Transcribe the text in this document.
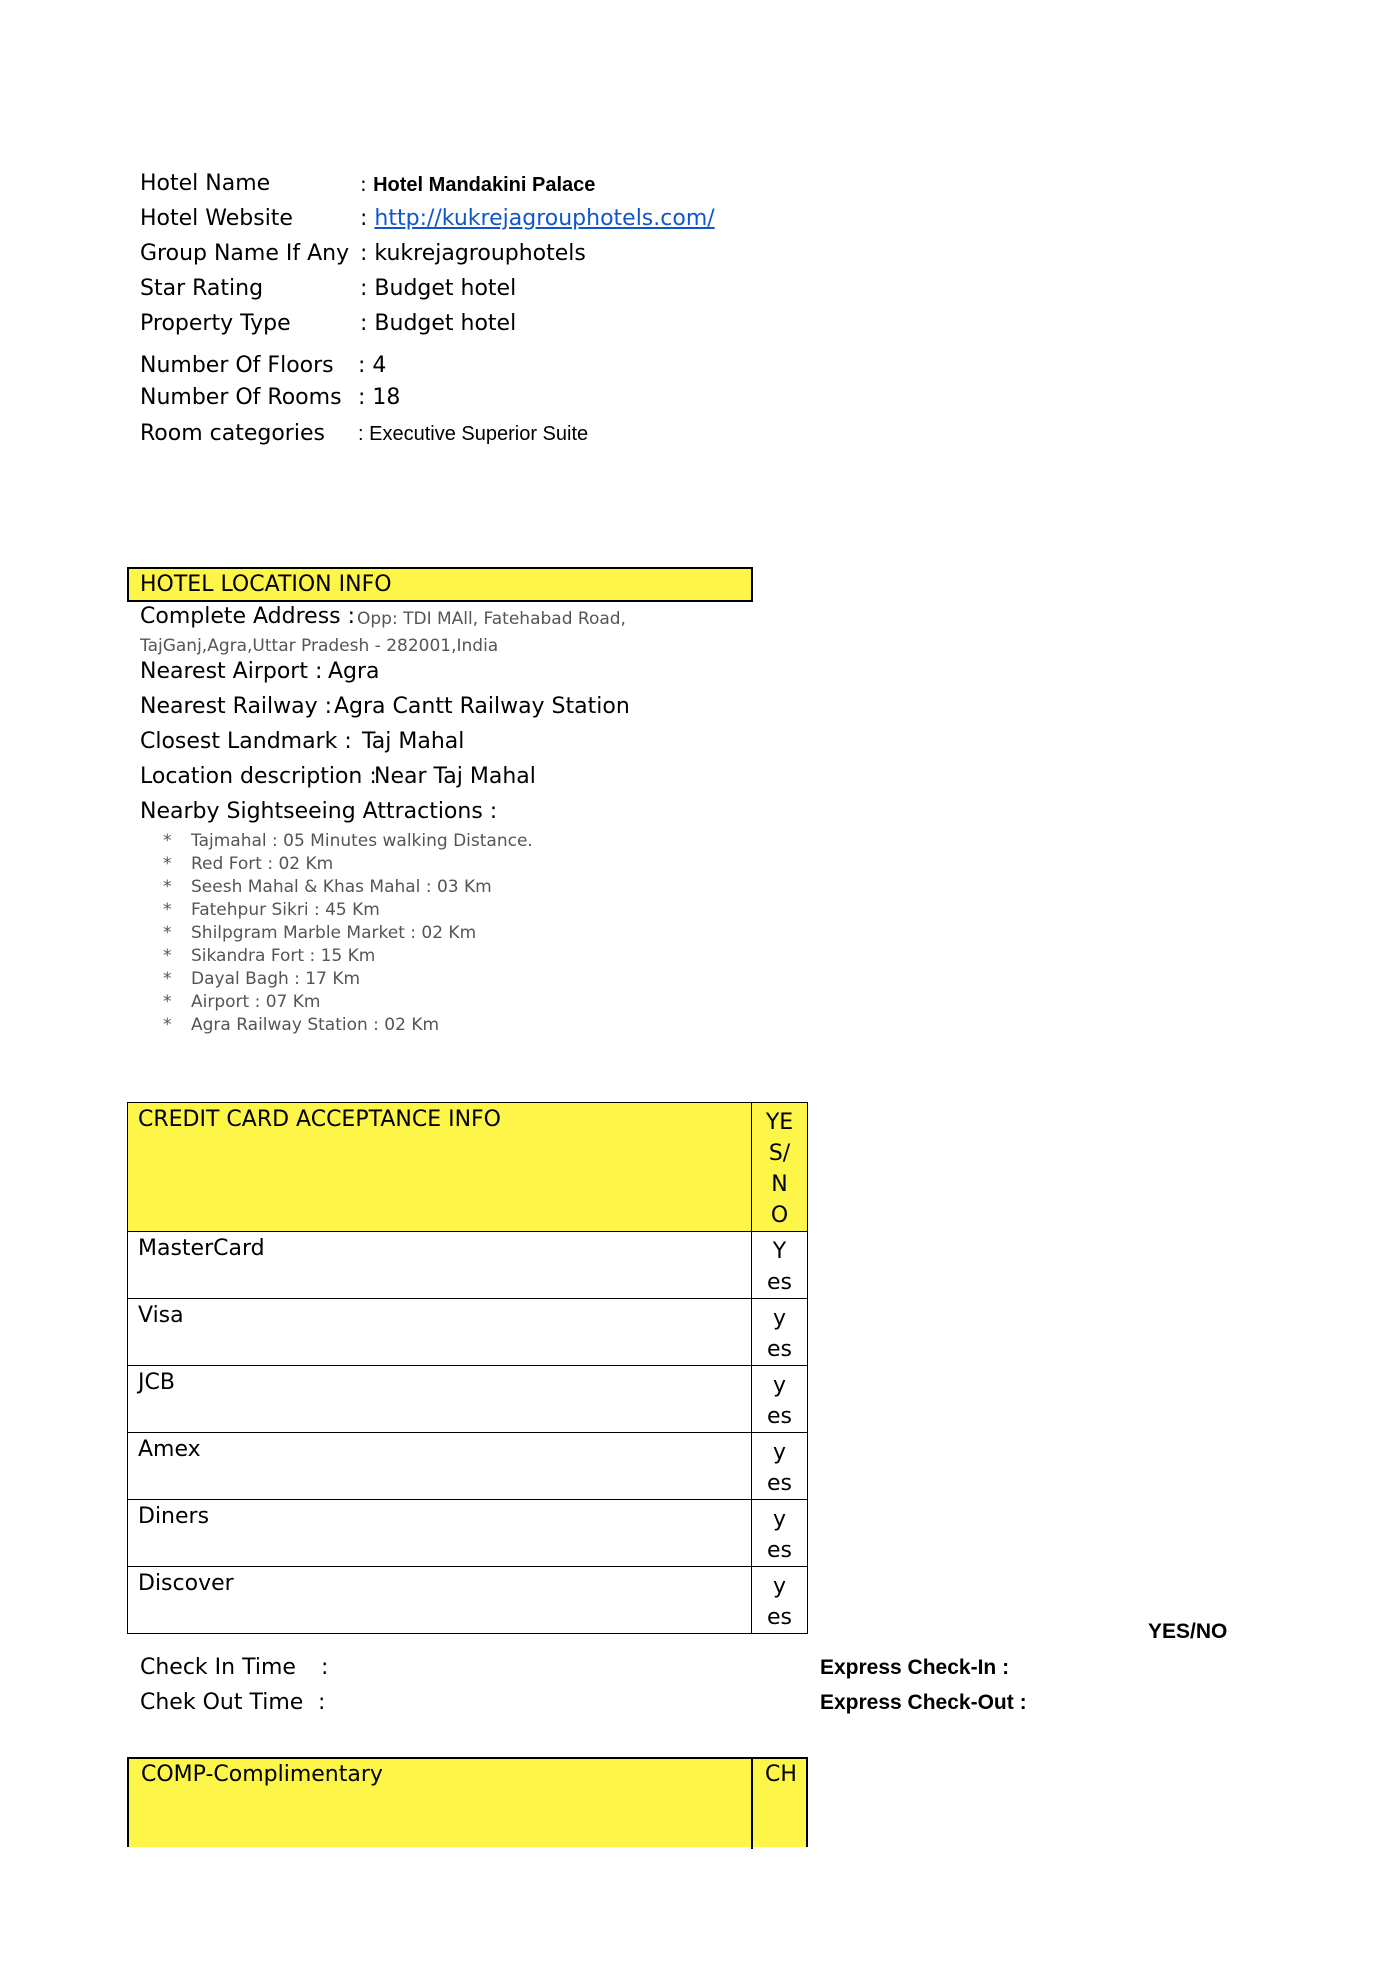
Hotel Name	: Hotel Mandakini Palace
Hotel Website	: http://kukrejagrouphotels.com/
Group Name If Any : kukrejagrouphotels
Star Rating	: Budget hotel
Property Type	: Budget hotel
Number Of Floors : 4
Number Of Rooms : 18
Room categories : Executive Superior Suite
HOTEL LOCATION INFO
Complete Address : Opp: TDI MAll, Fatehabad Road,
TajGanj,Agra,Uttar Pradesh - 282001,India
Nearest Airport : Agra
Nearest Railway : Agra Cantt Railway Station
Closest Landmark : Taj Mahal
Location description :
Near Taj Mahal
Nearby Sightseeing Attractions :
* Tajmahal : 05 Minutes walking Distance.
* Red Fort : 02 Km
* Seesh Mahal & Khas Mahal : 03 Km
* Fatehpur Sikri : 45 Km
* Shilpgram Marble Market : 02 Km
* Sikandra Fort : 15 Km
* Dayal Bagh : 17 Km
* Airport : 07 Km
* Agra Railway Station : 02 Km
CREDIT CARD ACCEPTANCE INFO	YE
S/
N
O

MasterCard	Y
es

Visa	y
es

JCB	y
es

Amex	y
es

Diners	y
es

Discover	y
es
YES/NO
Check In Time :	Express Check-In :
Chek Out Time :	Express Check-Out :
COMP-Complimentary	CH
